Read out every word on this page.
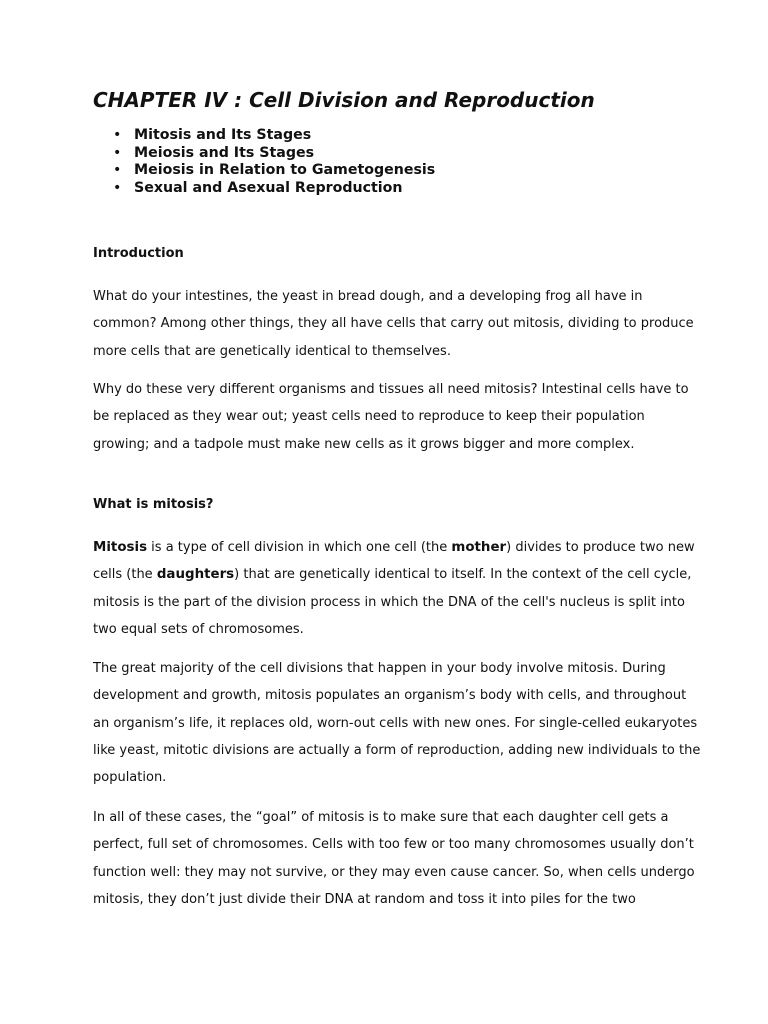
CHAPTER IV : Cell Division and Reproduction
• Mitosis and Its Stages
• Meiosis and Its Stages
• Meiosis in Relation to Gametogenesis
• Sexual and Asexual Reproduction
Introduction

What do your intestines, the yeast in bread dough, and a developing frog all have in
common? Among other things, they all have cells that carry out mitosis, dividing to produce
more cells that are genetically identical to themselves.

Why do these very different organisms and tissues all need mitosis? Intestinal cells have to
be replaced as they wear out; yeast cells need to reproduce to keep their population
growing; and a tadpole must make new cells as it grows bigger and more complex.

What is mitosis?

Mitosis is a type of cell division in which one cell (the mother) divides to produce two new
cells (the daughters) that are genetically identical to itself. In the context of the cell cycle,
mitosis is the part of the division process in which the DNA of the cell's nucleus is split into
two equal sets of chromosomes.

The great majority of the cell divisions that happen in your body involve mitosis. During
development and growth, mitosis populates an organism’s body with cells, and throughout
an organism’s life, it replaces old, worn-out cells with new ones. For single-celled eukaryotes
like yeast, mitotic divisions are actually a form of reproduction, adding new individuals to the
population.

In all of these cases, the “goal” of mitosis is to make sure that each daughter cell gets a
perfect, full set of chromosomes. Cells with too few or too many chromosomes usually don’t
function well: they may not survive, or they may even cause cancer. So, when cells undergo
mitosis, they don’t just divide their DNA at random and toss it into piles for the two
